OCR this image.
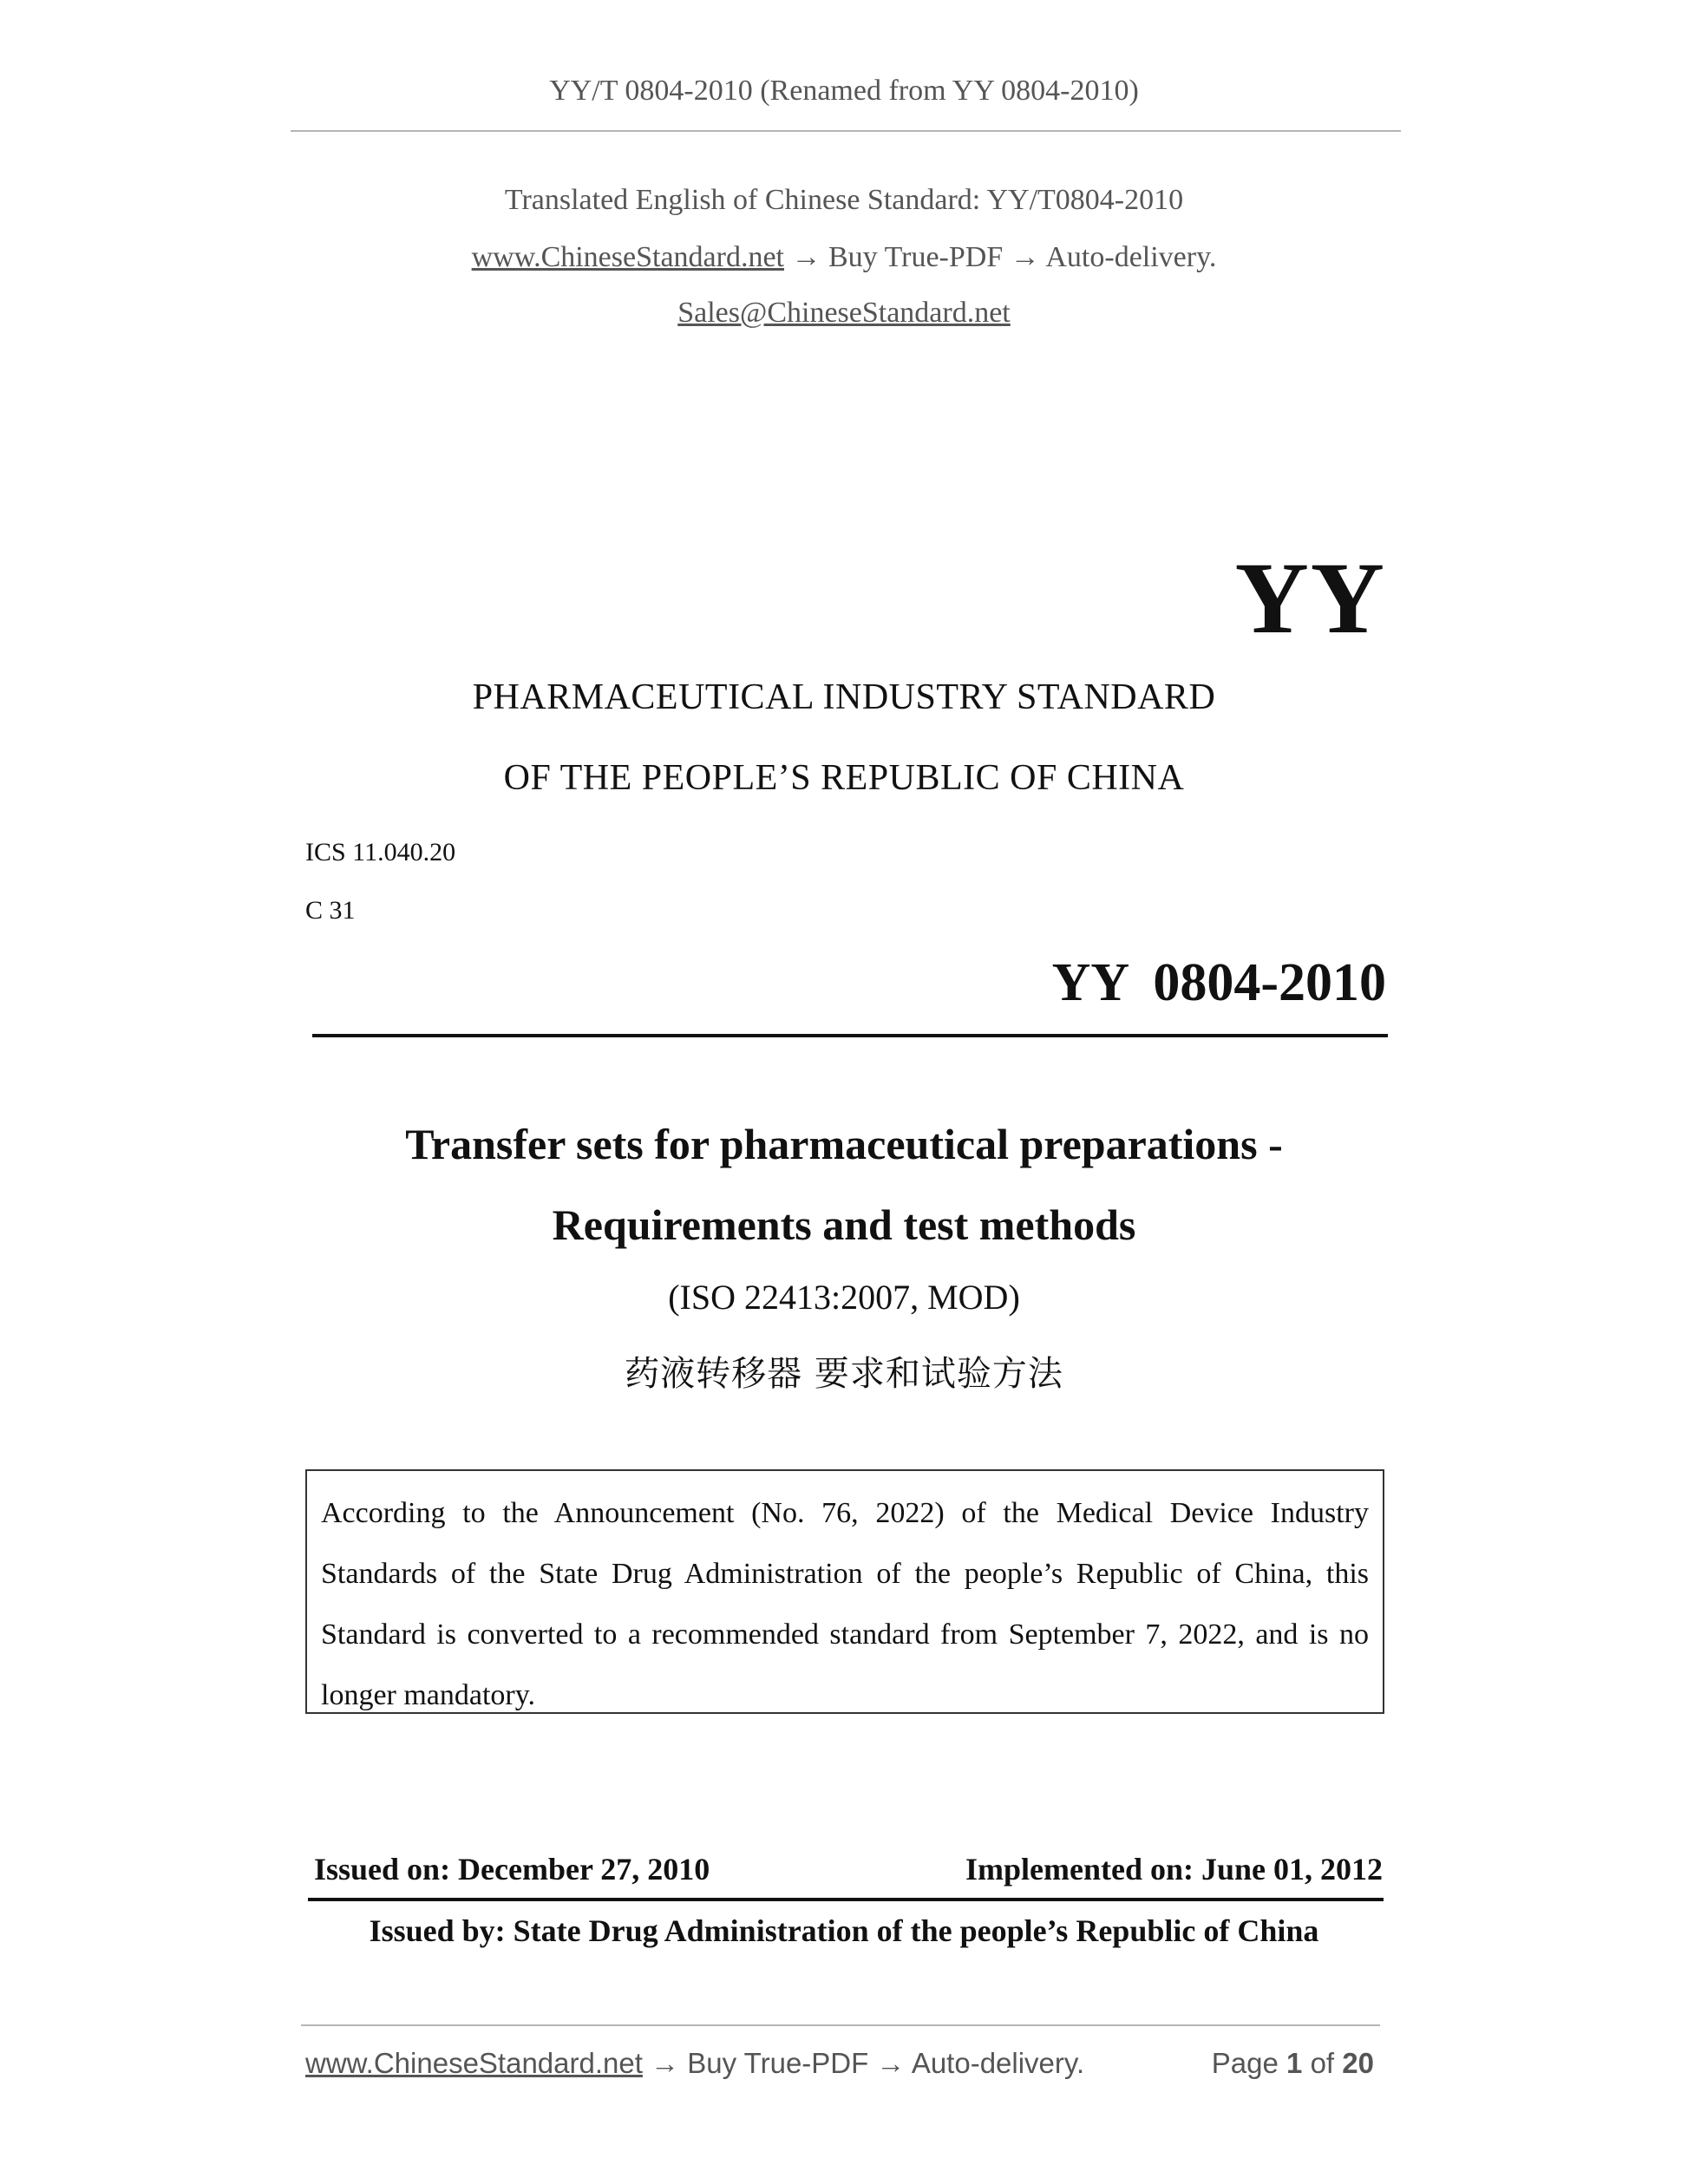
YY/T 0804-2010 (Renamed from YY 0804-2010)
Translated English of Chinese Standard: YY/T0804-2010
www.ChineseStandard.net → Buy True-PDF → Auto-delivery.
Sales@ChineseStandard.net
YY
PHARMACEUTICAL INDUSTRY STANDARD
OF THE PEOPLE’S REPUBLIC OF CHINA
ICS 11.040.20
C 31
YY 0804-2010
Transfer sets for pharmaceutical preparations -
Requirements and test methods
(ISO 22413:2007, MOD)
药液转移器 要求和试验方法

According to the Announcement (No. 76, 2022) of the Medical Device Industry Standards of the State Drug Administration of the people’s Republic of China, this Standard is converted to a recommended standard from September 7, 2022, and is no longer mandatory.

Issued on: December 27, 2010	Implemented on: June 01, 2012
Issued by: State Drug Administration of the people’s Republic of China
www.ChineseStandard.net → Buy True-PDF → Auto-delivery.	Page 1 of 20
